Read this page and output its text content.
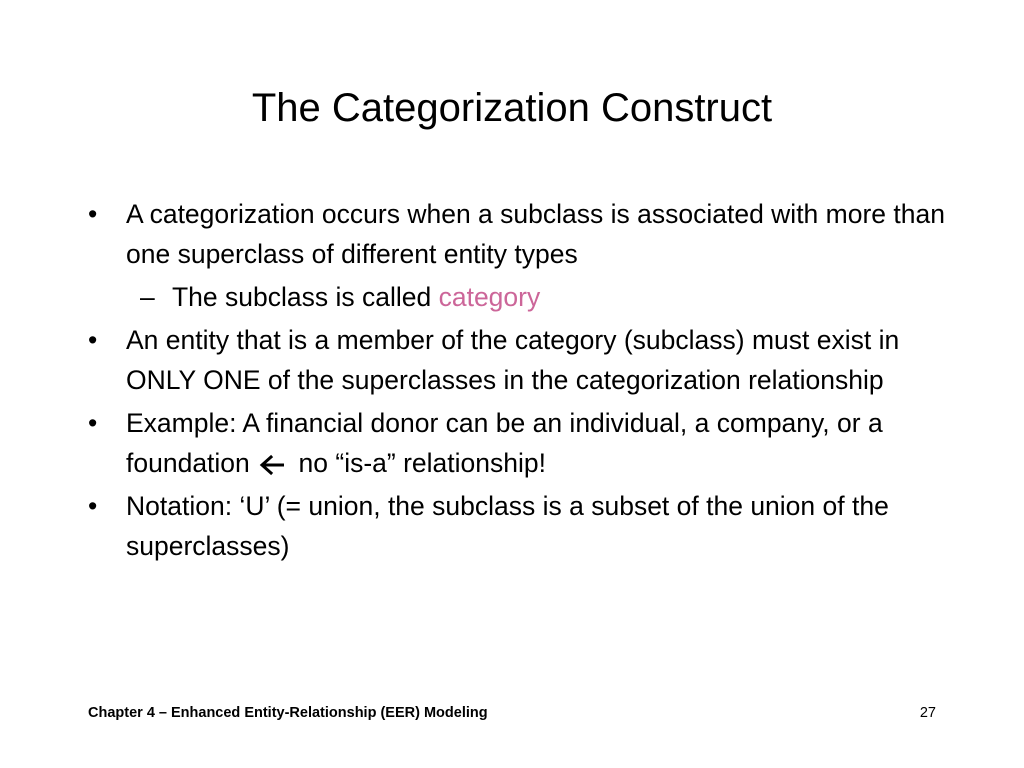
The Categorization Construct
• A categorization occurs when a subclass is associated with more than one superclass of different entity types
– The subclass is called category
• An entity that is a member of the category (subclass) must exist in ONLY ONE of the superclasses in the categorization relationship
• Example: A financial donor can be an individual, a company, or a foundation no “is-a” relationship!
• Notation: ‘U’ (= union, the subclass is a subset of the union of the superclasses)
Chapter 4 – Enhanced Entity-Relationship (EER) Modeling	27
